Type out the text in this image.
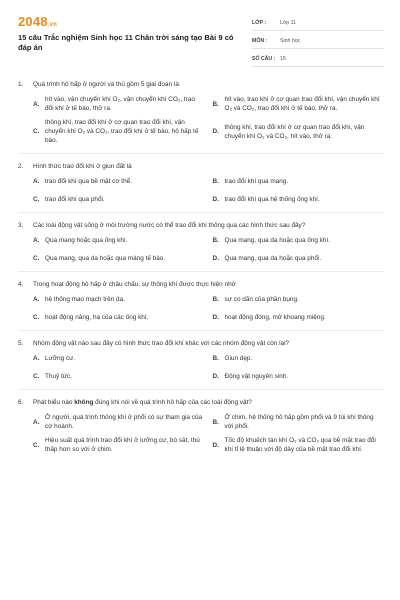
2048.vn
15 câu Trắc nghiệm Sinh học 11 Chân trời sáng tạo Bài 9 có đáp án
LỚP :	Lớp 11
MÔN :	Sinh học
SỐ CÂU : 15
1.	Quá trình hô hấp ở người và thú gồm 5 giai đoạn là
A.
hít vào, vận chuyển khí O₂, vận chuyển khí CO₂, trao đổi khí ở tế bào, thở ra.
B.
hít vào, trao khí ở cơ quan trao đổi khí, vận chuyển khí O₂ và CO₂, trao đổi khí ở tế bào, thở ra.
C.
thông khí, trao đổi khí ở cơ quan trao đổi khí, vận chuyển khí O₂ và CO₂, trao đổi khí ở tế bào, hô hấp tế bào.
D.
thông khí, trao đổi khí ở cơ quan trao đổi khí, vận chuyển khí O₂ và CO₂, hít vào, thở ra.
2.	Hình thức trao đổi khí ở giun đất là
A. trao đổi khí qua bề mặt cơ thể.	B. trao đổi khí qua mang.
C. trao đổi khí qua phổi.	D. trao đổi khí qua hệ thống ống khí.
3.	Các loài động vật sống ở môi trường nước có thể trao đổi khí thông qua các hình thức sau đây?
A. Qua mang hoặc qua ống khí.	B. Qua mang, qua da hoặc qua ống khí.
C. Qua mang, qua da hoặc qua màng tế bào.	D. Qua mang, qua da hoặc qua phổi.
4.	Trong hoạt động hô hấp ở châu chấu, sự thông khí được thực hiện nhờ
A. hệ thống mao mạch trên da.	B. sự co dãn của phần bụng.
C. hoạt động nâng, hạ của các ống khí.	D. hoạt động đóng, mở khoang miệng.
5.	Nhóm động vật nào sau đây có hình thức trao đổi khí khác với các nhóm động vật còn lại?
A. Lưỡng cư.	B. Giun dẹp.
C. Thuỷ tức.	D. Động vật nguyên sinh.
6.	Phát biểu nào không đúng khi nói về quá trình hô hấp của các loài động vật?
A.
Ở người, quá trình thông khí ở phổi có sự tham gia của cơ hoành.
B.
Ở chim, hệ thống hô hấp gồm phổi và 9 túi khí thông với phổi.
C.
Hiệu suất quá trình trao đổi khí ở lưỡng cư, bò sát, thú thấp hơn so với ở chim.
D.
Tốc độ khuếch tán khí O₂ và CO₂ qua bề mặt trao đổi khí tỉ lệ thuận với độ dày của bề mặt trao đổi khí.
